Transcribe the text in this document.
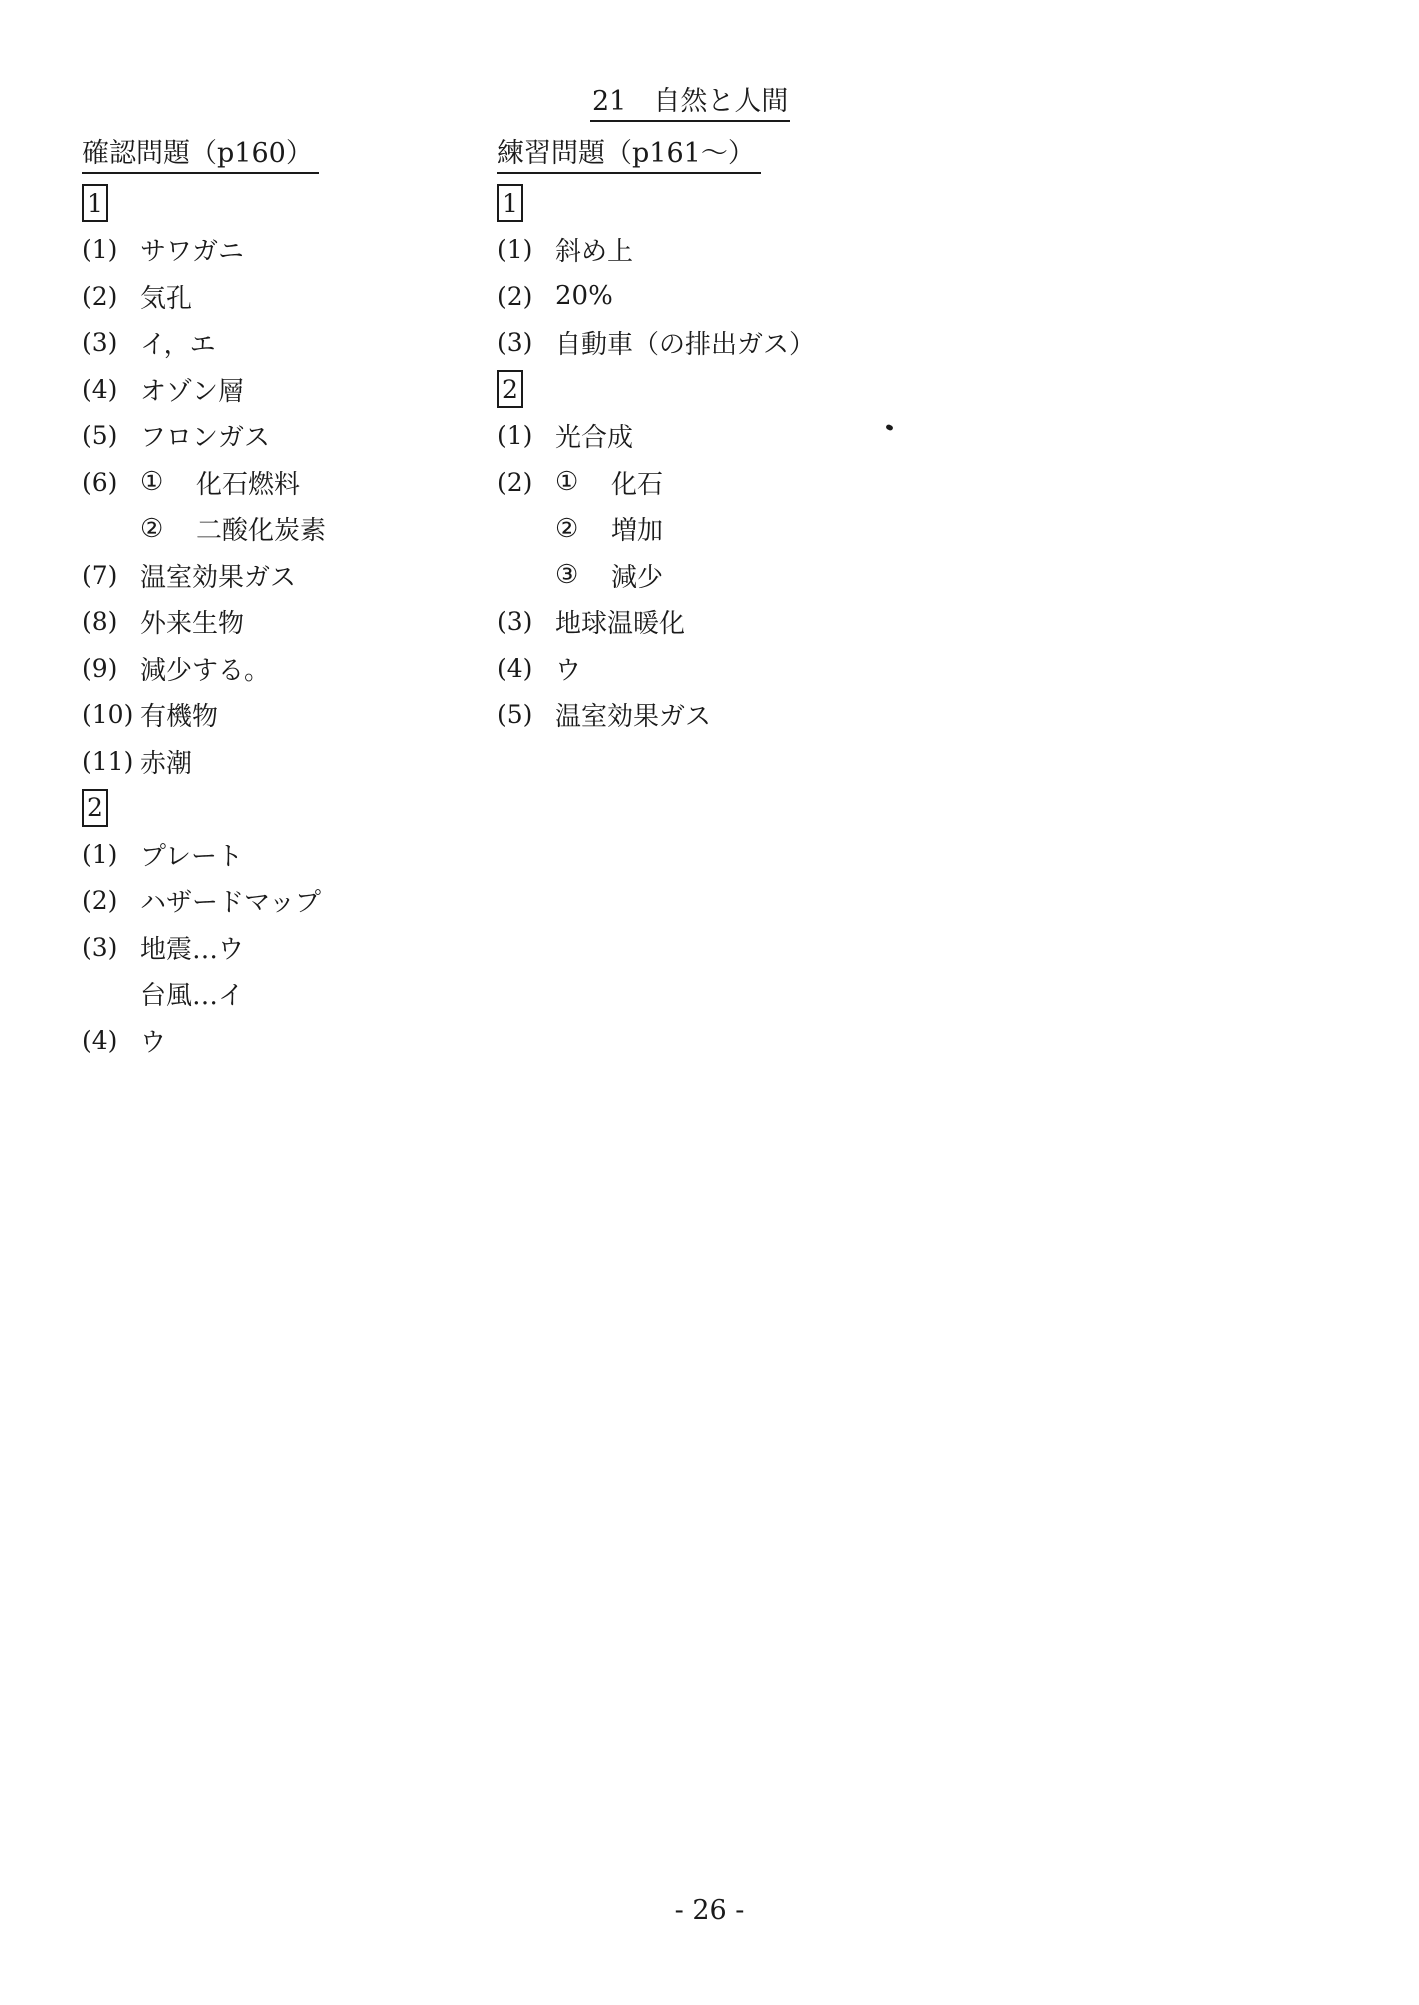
21　自然と人間
確認問題（p160）
1
(1) サワガニ
(2) 気孔
(3) イ，エ
(4) オゾン層
(5) フロンガス
(6) ①	化石燃料
②	二酸化炭素
(7) 温室効果ガス
(8) 外来生物
(9) 減少する。
(10) 有機物
(11) 赤潮
2
(1) プレート
(2) ハザードマップ
(3) 地震…ウ
台風…イ
(4) ウ
練習問題（p161～）
1
(1) 斜め上
(2) 20%
(3) 自動車（の排出ガス）
2
(1) 光合成
(2) ①	化石
②	増加
③	減少
(3) 地球温暖化
(4) ウ
(5) 温室効果ガス
- 26 -
